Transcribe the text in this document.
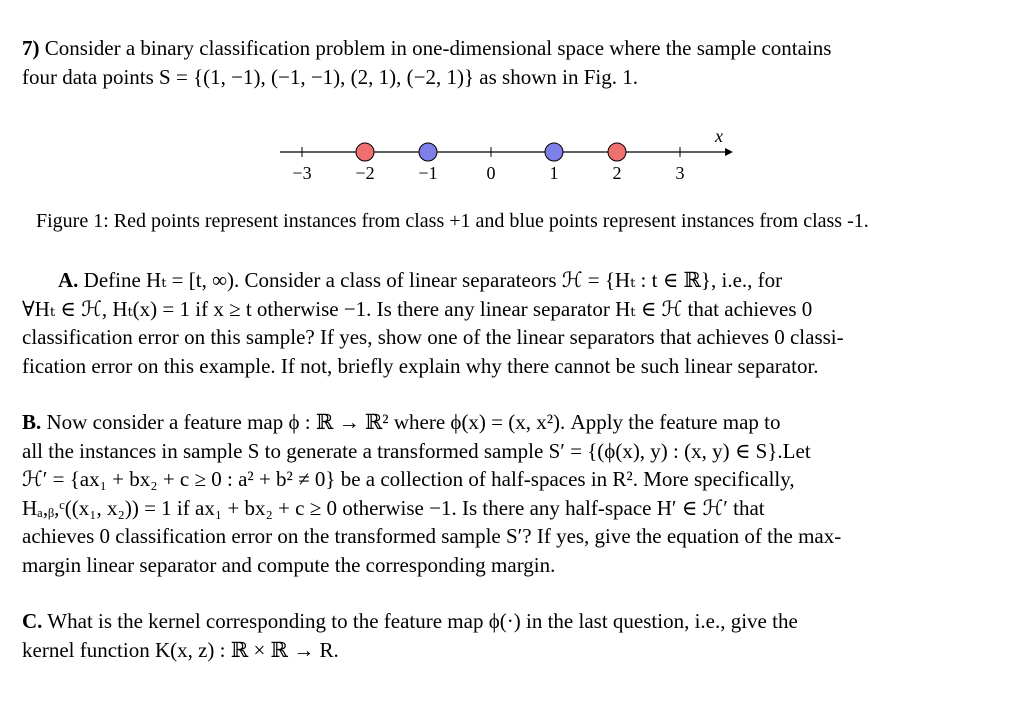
7) Consider a binary classification problem in one-dimensional space where the sample contains
four data points S = {(1, −1), (−1, −1), (2, 1), (−2, 1)} as shown in Fig. 1.
−3 −2 −1	0	1	2	3
x
Figure 1: Red points represent instances from class +1 and blue points represent instances from class -1.
A. Define Hₜ = [t, ∞). Consider a class of linear separateors ℋ = {Hₜ : t ∈ ℝ}, i.e., for
∀Hₜ ∈ ℋ, Hₜ(x) = 1 if x ≥ t otherwise −1. Is there any linear separator Hₜ ∈ ℋ that achieves 0
classification error on this sample? If yes, show one of the linear separators that achieves 0 classi-
fication error on this example. If not, briefly explain why there cannot be such linear separator.
B. Now consider a feature map ϕ : ℝ → ℝ² where ϕ(x) = (x, x²). Apply the feature map to
all the instances in sample S to generate a transformed sample S′ = {(ϕ(x), y) : (x, y) ∈ S}.Let
ℋ′ = {ax₁ + bx₂ + c ≥ 0 : a² + b² ≠ 0} be a collection of half-spaces in R². More specifically,
Hₐ,ᵦ,ᶜ((x₁, x₂)) = 1 if ax₁ + bx₂ + c ≥ 0 otherwise −1. Is there any half-space H′ ∈ ℋ′ that
achieves 0 classification error on the transformed sample S′? If yes, give the equation of the max-
margin linear separator and compute the corresponding margin.
C. What is the kernel corresponding to the feature map ϕ(·) in the last question, i.e., give the
kernel function K(x, z) : ℝ × ℝ → R.
